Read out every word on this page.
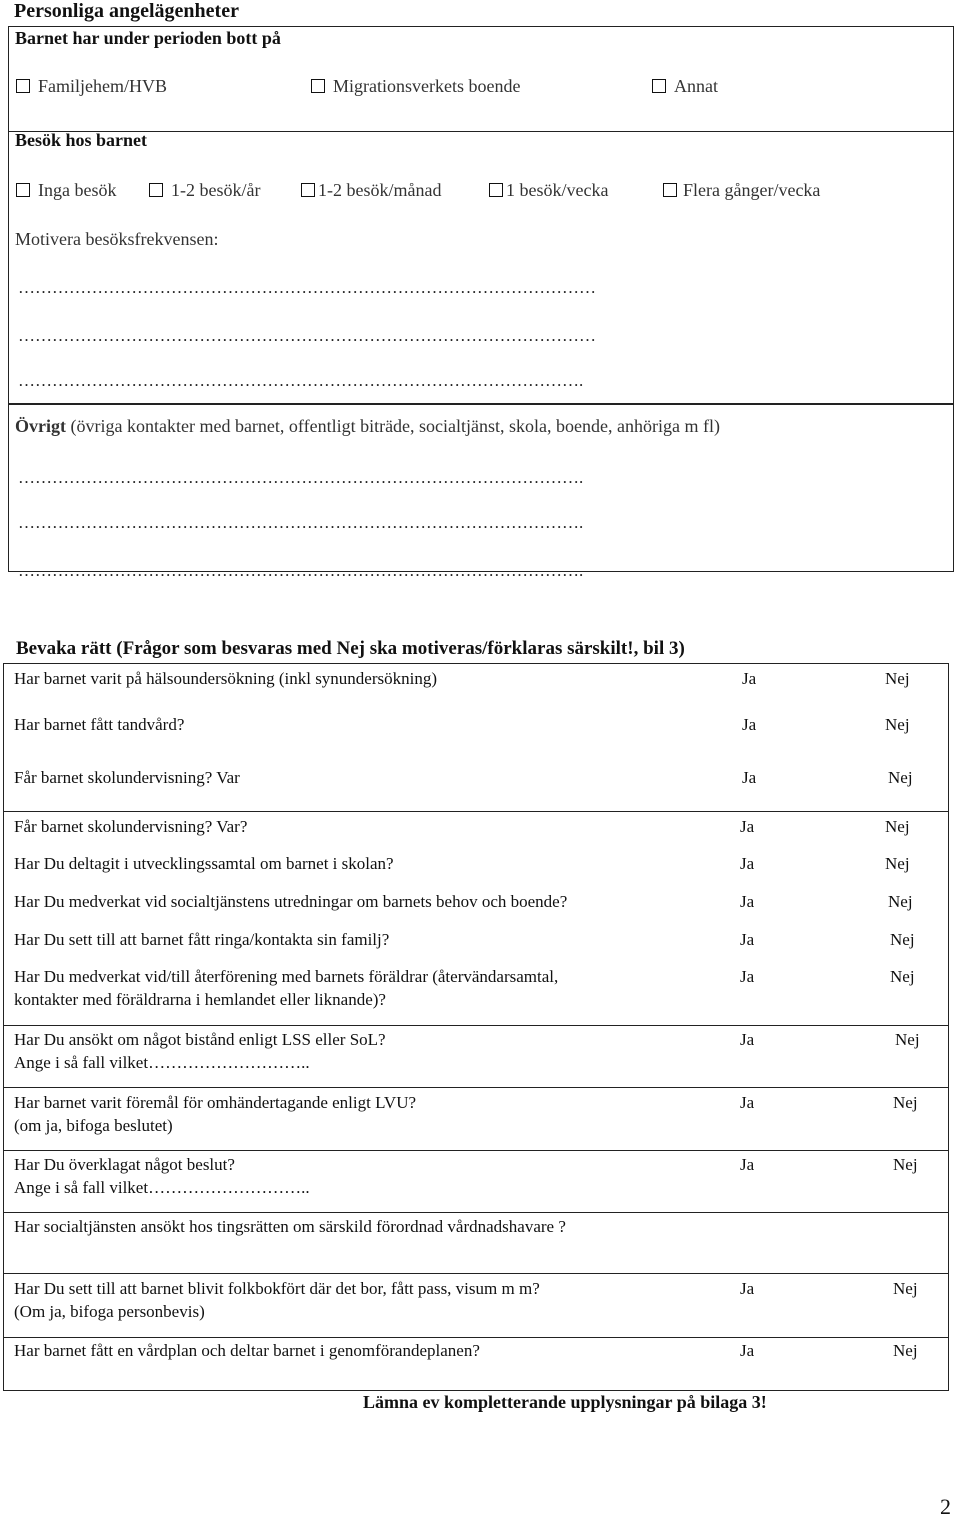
Personliga angelägenheter
Barnet har under perioden bott på
Familjehem/HVB	Migrationsverkets boende	Annat
Besök hos barnet
Inga besök	1-2 besök/år	1-2 besök/månad	1 besök/vecka	Flera gånger/vecka
Motivera besöksfrekvensen:
…………………………………………………………………………………………
…………………………………………………………………………………………
……………………………………………………………………………………….
Övrigt (övriga kontakter med barnet, offentligt biträde, socialtjänst, skola, boende, anhöriga m fl)
……………………………………………………………………………………….
……………………………………………………………………………………….
……………………………………………………………………………………….
Bevaka rätt (Frågor som besvaras med Nej ska motiveras/förklaras särskilt!, bil 3)
Har barnet varit på hälsoundersökning (inkl synundersökning)	Ja	Nej
Har barnet fått tandvård?	Ja	Nej
Får barnet skolundervisning? Var	Ja	Nej
Får barnet skolundervisning? Var?	Ja	Nej
Har Du deltagit i utvecklingssamtal om barnet i skolan?	Ja	Nej
Har Du medverkat vid socialtjänstens utredningar om barnets behov och boende?	Ja	Nej
Har Du sett till att barnet fått ringa/kontakta sin familj?	Ja	Nej
Har Du medverkat vid/till återförening med barnets föräldrar (återvändarsamtal,
kontakter med föräldrarna i hemlandet eller liknande)?
Ja	Nej
Har Du ansökt om något bistånd enligt LSS eller SoL?
Ange i så fall vilket………………………..
Ja	Nej
Har barnet varit föremål för omhändertagande enligt LVU?
(om ja, bifoga beslutet)
Ja	Nej
Har Du överklagat något beslut?
Ange i så fall vilket………………………..
Ja	Nej
Har socialtjänsten ansökt hos tingsrätten om särskild förordnad vårdnadshavare ?
Har Du sett till att barnet blivit folkbokfört där det bor, fått pass, visum m m?
(Om ja, bifoga personbevis)
Ja	Nej
Har barnet fått en vårdplan och deltar barnet i genomförandeplanen?	Ja	Nej
Lämna ev kompletterande upplysningar på bilaga 3!
2
